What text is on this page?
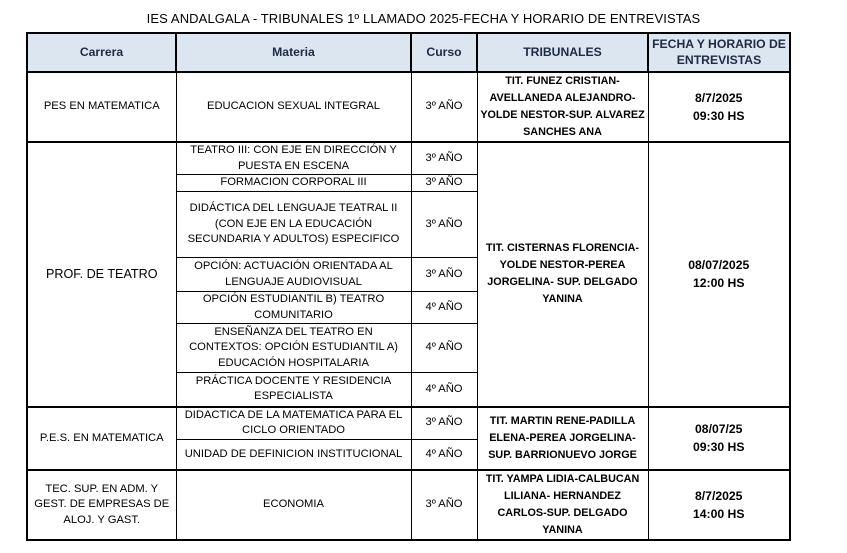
IES ANDALGALA - TRIBUNALES 1º LLAMADO 2025-FECHA Y HORARIO DE ENTREVISTAS
Carrera	Materia	Curso	TRIBUNALES	FECHA Y HORARIO DE ENTREVISTAS
PES EN MATEMATICA	EDUCACION SEXUAL INTEGRAL	3º AÑO	TIT. FUNEZ CRISTIAN-AVELLANEDA ALEJANDRO-YOLDE NESTOR-SUP. ALVAREZ SANCHES ANA	8/7/2025
09:30 HS

PROF. DE TEATRO	TEATRO III: CON EJE EN DIRECCIÓN Y PUESTA EN ESCENA	3º AÑO	TIT. CISTERNAS FLORENCIA-YOLDE NESTOR-PEREA JORGELINA- SUP. DELGADO YANINA	08/07/2025
12:00 HS

	FORMACION CORPORAL III	3º AÑO		
	DIDÁCTICA DEL LENGUAJE TEATRAL II (CON EJE EN LA EDUCACIÓN SECUNDARIA Y ADULTOS) ESPECIFICO	3º AÑO		
	OPCIÓN: ACTUACIÓN ORIENTADA AL LENGUAJE AUDIOVISUAL	3º AÑO		
	OPCIÓN ESTUDIANTIL B) TEATRO COMUNITARIO	4º AÑO		
	ENSEÑANZA DEL TEATRO EN CONTEXTOS: OPCIÓN ESTUDIANTIL A) EDUCACIÓN HOSPITALARIA	4º AÑO		
	PRÁCTICA DOCENTE Y RESIDENCIA ESPECIALISTA	4º AÑO		
P.E.S. EN MATEMATICA	DIDACTICA DE LA MATEMATICA PARA EL CICLO ORIENTADO	3º AÑO	TIT. MARTIN RENE-PADILLA ELENA-PEREA JORGELINA-SUP. BARRIONUEVO JORGE	08/07/25
09:30 HS

	UNIDAD DE DEFINICION INSTITUCIONAL	4º AÑO		
TEC. SUP. EN ADM. Y GEST. DE EMPRESAS DE ALOJ. Y GAST.	ECONOMIA	3º AÑO	TIT. YAMPA LIDIA-CALBUCAN LILIANA- HERNANDEZ CARLOS-SUP. DELGADO YANINA	8/7/2025
14:00 HS
